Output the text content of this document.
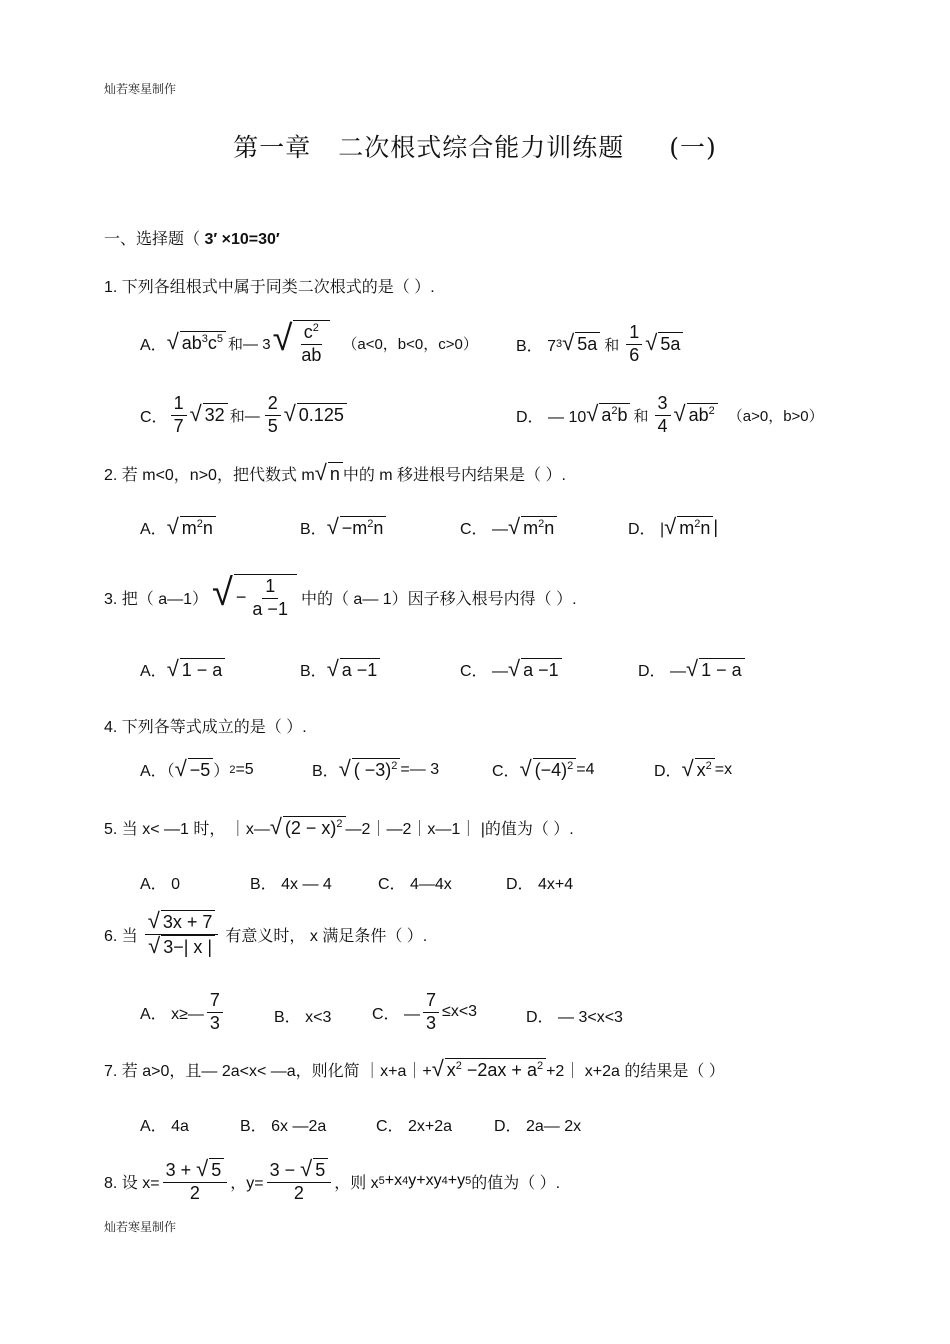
灿若寒星制作
第一章 二次根式综合能力训练题 (一)
一、选择题（ 3′ ×10=30′
1. 下列各组根式中属于同类二次根式的是（ ）.
A． √ $ab^3c^5$ 和— 3 √ $\frac{c^2}{ab} (a<0$，b<0，c>0） B． 7 3 √ 5a 和 $\frac{1}{6}$ √ 5a
C． $\frac{1}{7}$ √ 32 和— $\frac{2}{5}$ √ 0.125	D． — 10 √ $a^2b$ 和 $\frac{3}{4}$ √ $ab^2$ （a>0，b>0）
2. 若 m<0，n>0，把代数式 m √ n 中的 m 移进根号内结果是（ ）.
A． √ $m^2n$	B． √ $-m^2n$	C． — √ $m^2n$	D． | √ $m^2n$ |
3. 把（ a—1） √ − $\frac{1}{a -1}$ 中的（ a— 1）因子移入根号内得（ ）.
A． √ 1 − a	B． √ a −1	C． — √ a −1	D． — √ 1 − a
4. 下列各等式成立的是（ ）.
A．（ √ −5 ） 2 =5	B． √ ( −3)$^2$ =— 3	C． √ $(-4)^2 =4$	D． √ $x^2 =x$
5. 当 x< —1 时， ｜x— √ $(2 - x)^2$ —2｜—2｜x—1｜ |的值为（ ）.
A． 0	B． 4x — 4	C． 4—4x	D． 4x+4
6. 当 $\frac{√ 3x + 7}{√ 3-| x |}$ 有意义时， x 满足条件（ ）.
A． x≥— $\frac{7}{3}$	B． x<3	C． — $\frac{7}{3} \le x<3$	D． — 3<x<3
7. 若 a>0，且— 2a<x< —a，则化简 ｜x+a｜+ √ $x^2 -2ax + a^2$ +2｜ x+2a 的结果是（ ）
A． 4a	B． 6x —2a	C． 2x+2a	D． 2a— 2x
8. 设 $x= \frac{3 + √ 5}{2}$ ，$y= \frac{3 - √ 5}{2}$ ，则 x 5 +x 4 y+xy 4 +y 5 的值为（ ）.
灿若寒星制作
